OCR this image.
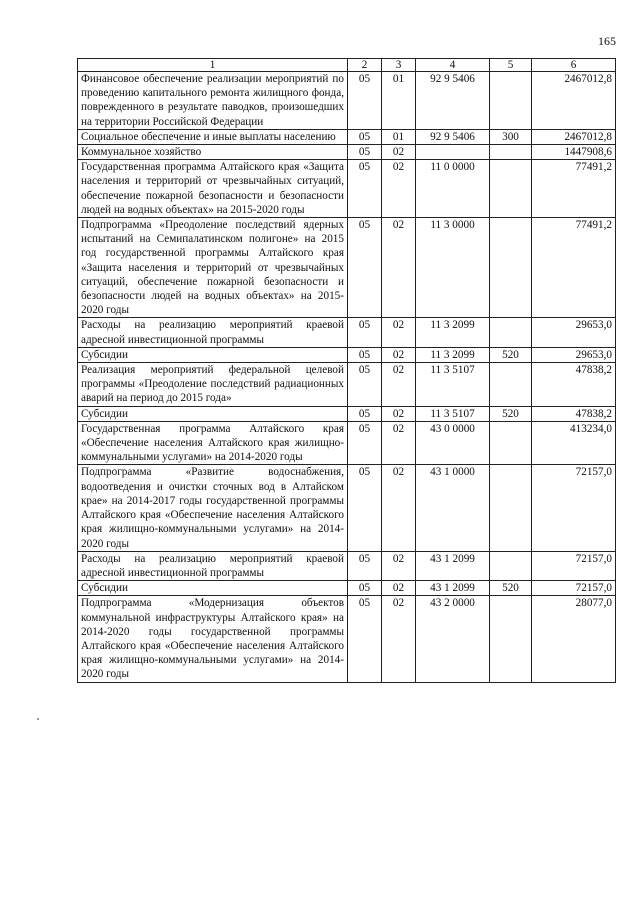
165
1	2	3	4	5	6
Финансовое обеспечение реализации мероприятий по проведению капитального ремонта жилищного фонда, поврежденного в результате паводков, произошедших на территории Российской Федерации	05	01	92 9 5406		2467012,8
Социальное обеспечение и иные выплаты населению	05	01	92 9 5406	300	2467012,8
Коммунальное хозяйство	05	02			1447908,6
Государственная программа Алтайского края «Защита населения и территорий от чрезвычайных ситуаций, обеспечение пожарной безопасности и безопасности людей на водных объектах» на 2015-2020 годы	05	02	11 0 0000		77491,2
Подпрограмма «Преодоление последствий ядерных испытаний на Семипалатинском полигоне» на 2015 год государственной программы Алтайского края «Защита населения и территорий от чрезвычайных ситуаций, обеспечение пожарной безопасности и безопасности людей на водных объектах» на 2015-2020 годы	05	02	11 3 0000		77491,2
Расходы на реализацию мероприятий краевой адресной инвестиционной программы	05	02	11 3 2099		29653,0
Субсидии	05	02	11 3 2099	520	29653,0
Реализация мероприятий федеральной целевой программы «Преодоление последствий радиационных аварий на период до 2015 года»	05	02	11 3 5107		47838,2
Субсидии	05	02	11 3 5107	520	47838,2
Государственная программа Алтайского края «Обеспечение населения Алтайского края жилищно-коммунальными услугами» на 2014-2020 годы	05	02	43 0 0000		413234,0
Подпрограмма «Развитие водоснабжения, водоотведения и очистки сточных вод в Алтайском крае» на 2014-2017 годы государственной программы Алтайского края «Обеспечение населения Алтайского края жилищно-коммунальными услугами» на 2014-2020 годы	05	02	43 1 0000		72157,0
Расходы на реализацию мероприятий краевой адресной инвестиционной программы	05	02	43 1 2099		72157,0
Субсидии	05	02	43 1 2099	520	72157,0
Подпрограмма «Модернизация объектов коммунальной инфраструктуры Алтайского края» на 2014-2020 годы государственной программы Алтайского края «Обеспечение населения Алтайского края жилищно-коммунальными услугами» на 2014-2020 годы	05	02	43 2 0000		28077,0
